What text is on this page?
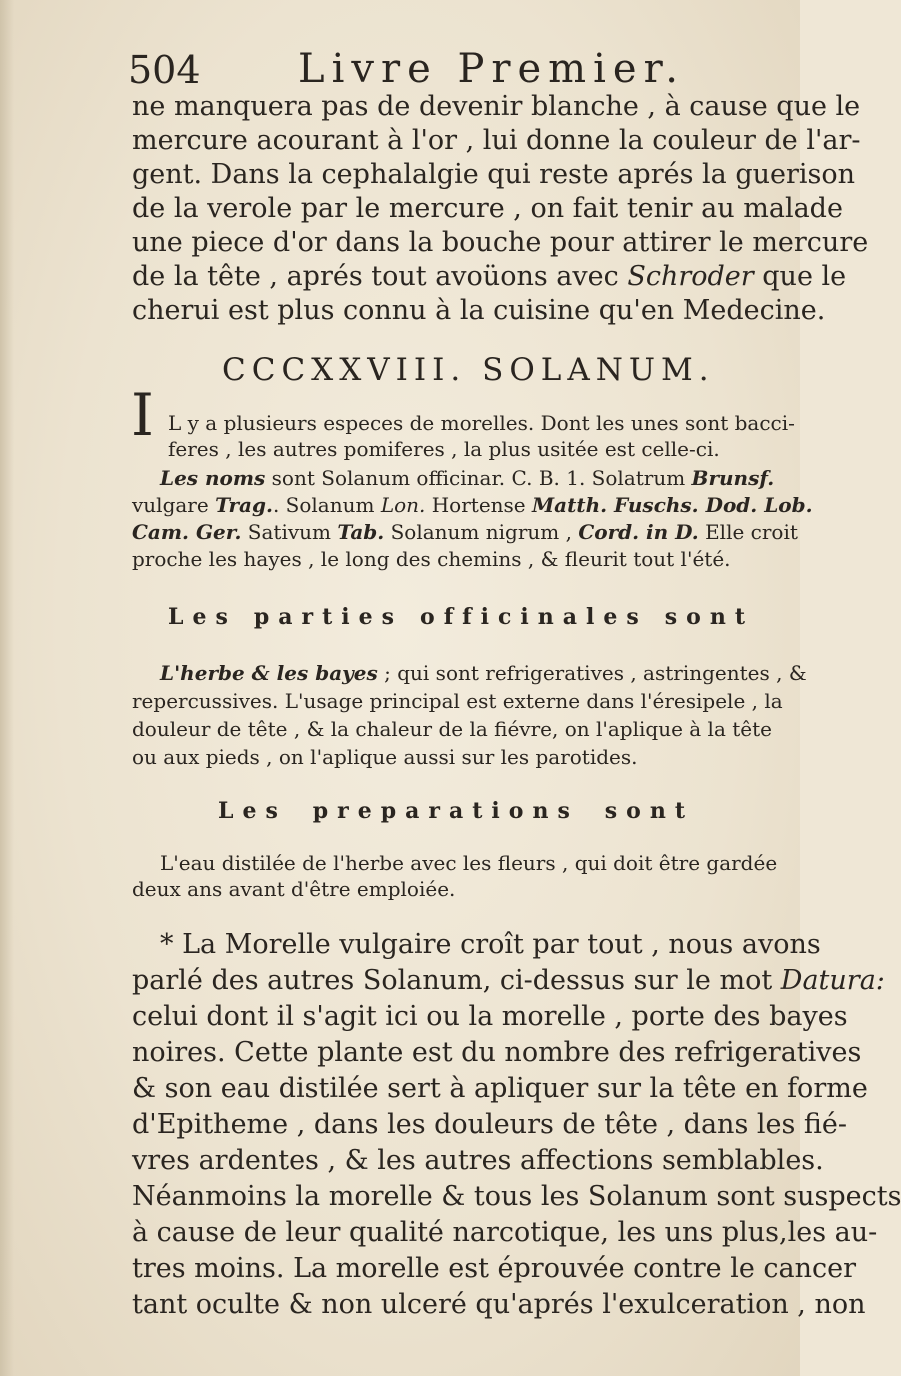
504 Livre Premier.

ne manquera pas de devenir blanche , à cause que le

mercure acourant à l'or , lui donne la couleur de l'ar-

gent. Dans la cephalalgie qui reste aprés la guerison

de la verole par le mercure , on fait tenir au malade

une piece d'or dans la bouche pour attirer le mercure

de la tête , aprés tout avoüons avec Schroder que le

cherui est plus connu à la cuisine qu'en Medecine.

CCCXXVIII. SOLANUM.

I L y a plusieurs especes de morelles. Dont les unes sont bacci-

feres , les autres pomiferes , la plus usitée est celle-ci.

Les noms sont Solanum officinar. C. B. 1. Solatrum Brunsf.

vulgare Trag.. Solanum Lon. Hortense Matth. Fuschs. Dod. Lob.

Cam. Ger. Sativum Tab. Solanum nigrum , Cord. in D. Elle croit

proche les hayes , le long des chemins , & fleurit tout l'été.

Les parties officinales sont

L'herbe & les bayes ; qui sont refrigeratives , astringentes , &

repercussives. L'usage principal est externe dans l'éresipele , la

douleur de tête , & la chaleur de la fiévre, on l'aplique à la tête

ou aux pieds , on l'aplique aussi sur les parotides.

Les preparations sont

L'eau distilée de l'herbe avec les fleurs , qui doit être gardée

deux ans avant d'être emploiée.

* La Morelle vulgaire croît par tout , nous avons

parlé des autres Solanum, ci-dessus sur le mot Datura:

celui dont il s'agit ici ou la morelle , porte des bayes

noires. Cette plante est du nombre des refrigeratives

& son eau distilée sert à apliquer sur la tête en forme

d'Epitheme , dans les douleurs de tête , dans les fié-

vres ardentes , & les autres affections semblables.

Néanmoins la morelle & tous les Solanum sont suspects

à cause de leur qualité narcotique, les uns plus,les au-

tres moins. La morelle est éprouvée contre le cancer

tant oculte & non ulceré qu'aprés l'exulceration , non
